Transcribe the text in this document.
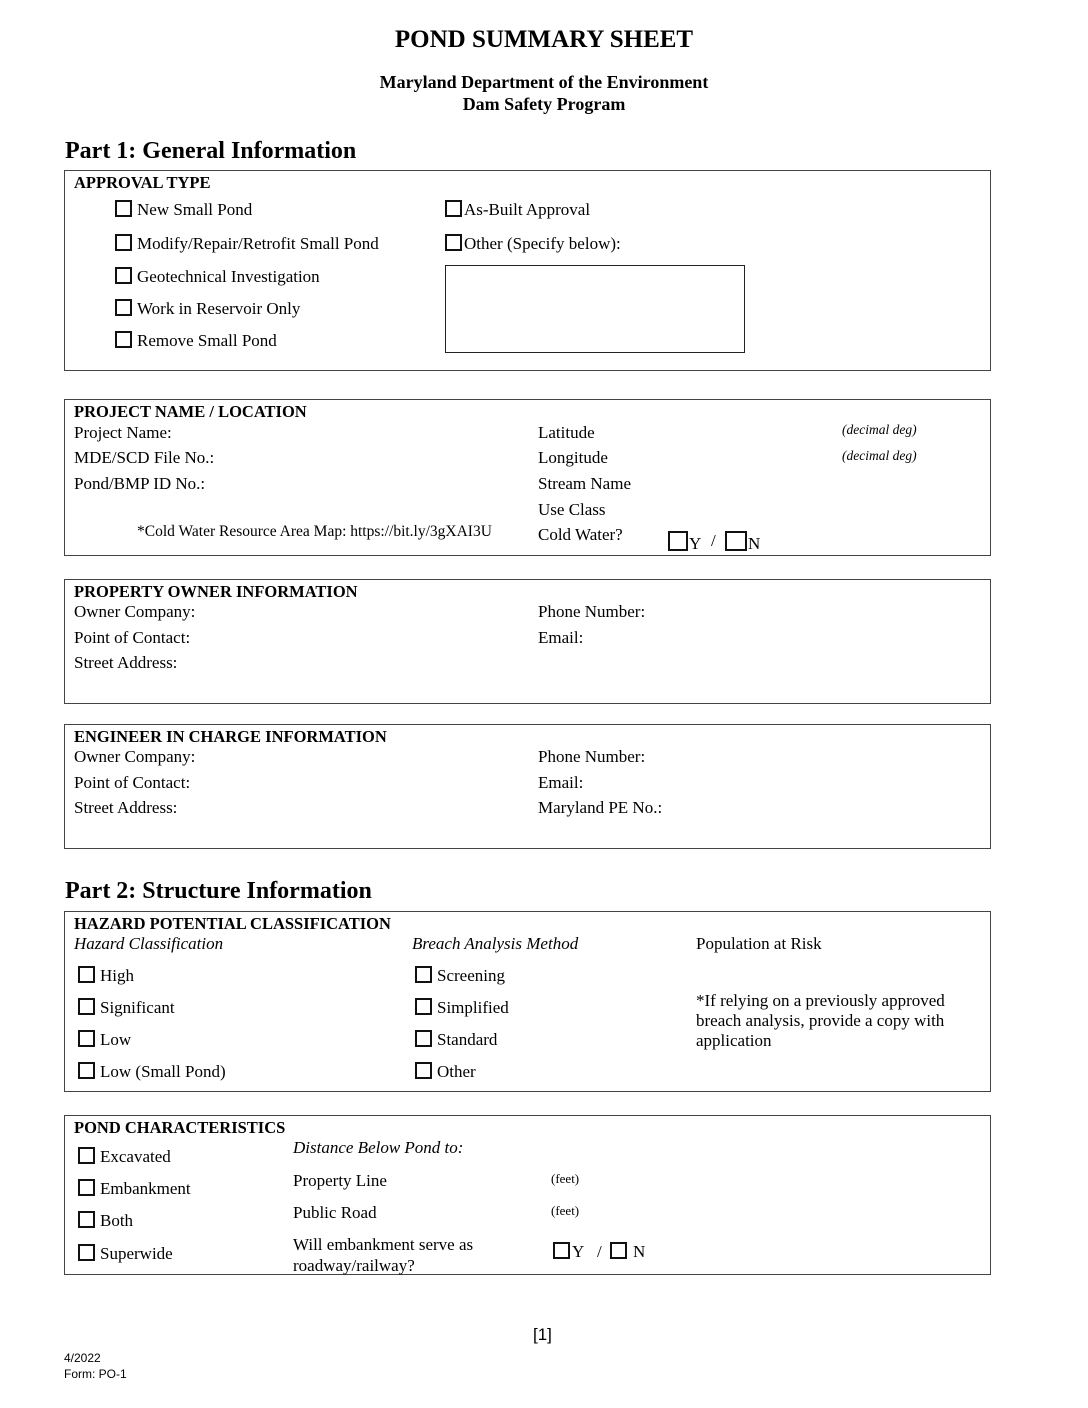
POND SUMMARY SHEET
Maryland Department of the Environment
Dam Safety Program
Part 1: General Information
APPROVAL TYPE
New Small Pond
Modify/Repair/Retrofit Small Pond
Geotechnical Investigation
Work in Reservoir Only
Remove Small Pond
As-Built Approval
Other (Specify below):
PROJECT NAME / LOCATION
Project Name:
MDE/SCD File No.:
Pond/BMP ID No.:
*Cold Water Resource Area Map: https://bit.ly/3gXAI3U
Latitude
Longitude
Stream Name
Use Class
Cold Water?
(decimal deg)
(decimal deg)
Y /	N
PROPERTY OWNER INFORMATION
Owner Company:
Point of Contact:
Street Address:
Phone Number:
Email:
ENGINEER IN CHARGE INFORMATION
Owner Company:
Point of Contact:
Street Address:
Phone Number:
Email:
Maryland PE No.:
Part 2: Structure Information
HAZARD POTENTIAL CLASSIFICATION
Hazard Classification
High
Significant
Low
Low (Small Pond)
Breach Analysis Method
Screening
Simplified
Standard
Other
Population at Risk
*If relying on a previously approved breach analysis, provide a copy with application
POND CHARACTERISTICS
Excavated
Embankment
Both
Superwide
Distance Below Pond to:
Property Line
Public Road
Will embankment serve as
roadway/railway?
(feet)
(feet)
Y /	N
[1]
4/2022
Form: PO-1
